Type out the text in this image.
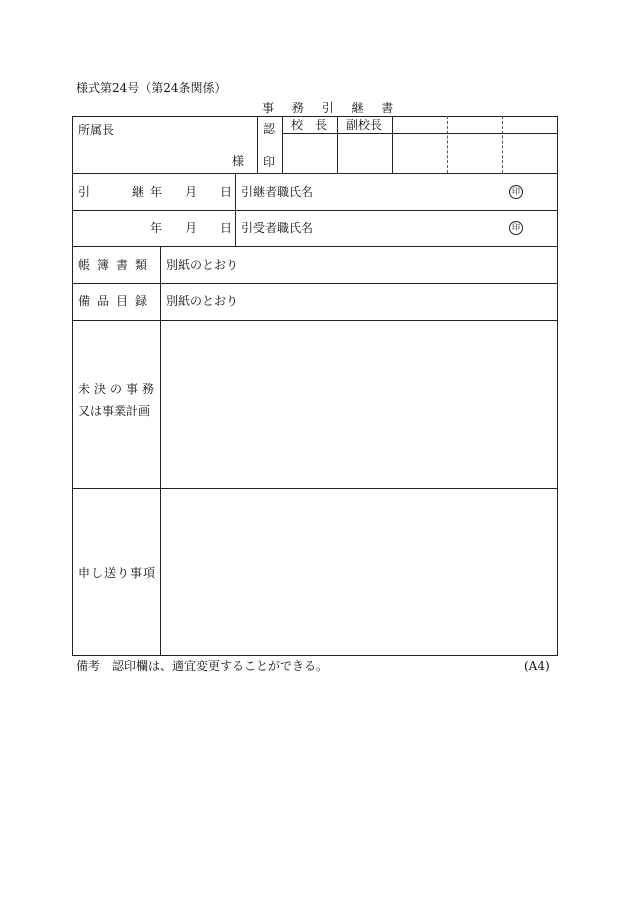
様式第24号（第24条関係）
事 務 引 継 書
所属長
様
認
印
校　長 副校長
引　　継 年 月 日 引継者職氏名	印
年 月 日 引受者職氏名	印
帳簿書類 別紙のとおり
備品目録 別紙のとおり
未決の事務
又は事業計画
申し送り事項
備考　認印欄は、適宜変更することができる。	(A4)
